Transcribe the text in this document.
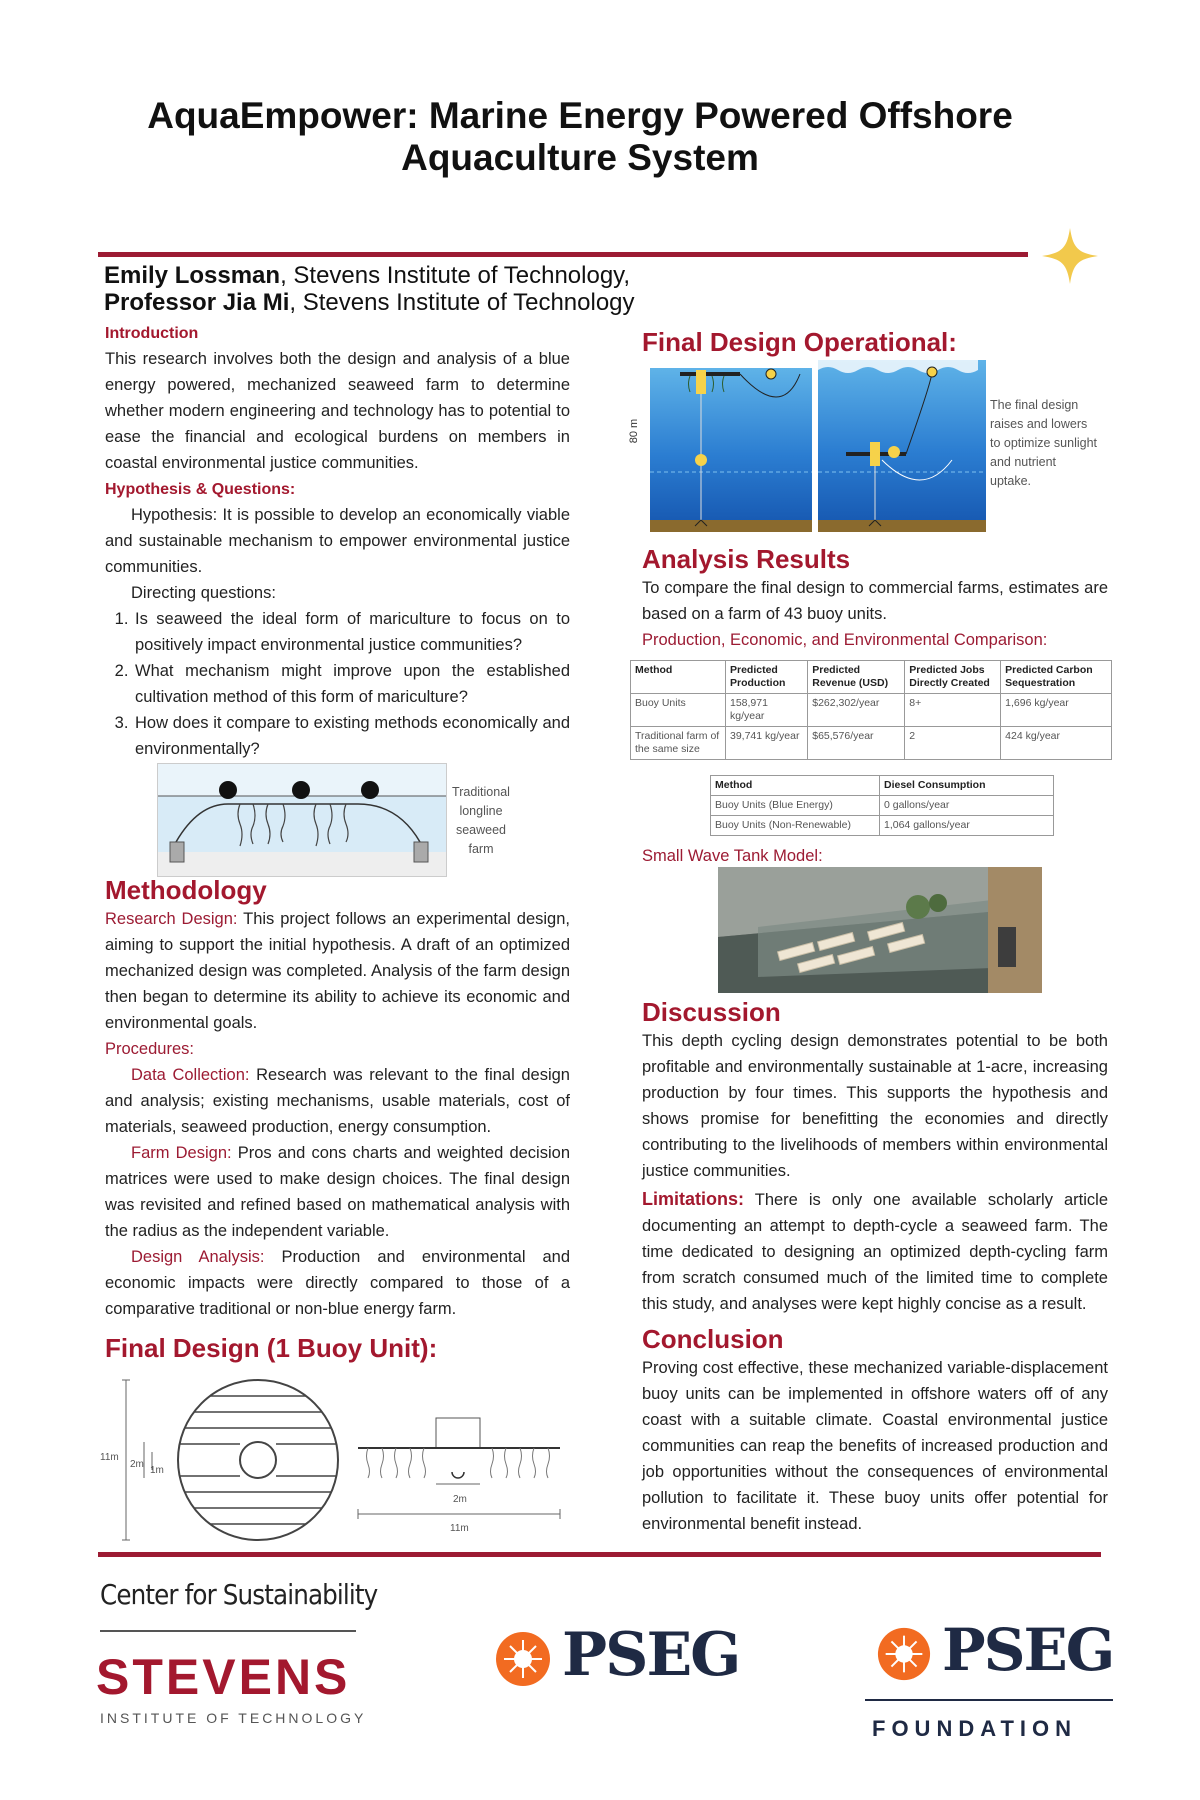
AquaEmpower: Marine Energy Powered Offshore Aquaculture System
Emily Lossman, Stevens Institute of Technology,
Professor Jia Mi, Stevens Institute of Technology
Introduction

This research involves both the design and analysis of a blue energy powered, mechanized seaweed farm to determine whether modern engineering and technology has to potential to ease the financial and ecological burdens on members in coastal environmental justice communities.

Hypothesis & Questions:

Hypothesis: It is possible to develop an economically viable and sustainable mechanism to empower environmental justice communities.

Directing questions:

1. Is seaweed the ideal form of mariculture to focus on to positively impact environmental justice communities?
2. What mechanism might improve upon the established cultivation method of this form of mariculture?
3. How does it compare to existing methods economically and environmentally?
Traditional longline seaweed farm
Methodology

Research Design: This project follows an experimental design, aiming to support the initial hypothesis. A draft of an optimized mechanized design was completed. Analysis of the farm design then began to determine its ability to achieve its economic and environmental goals.

Procedures:

Data Collection: Research was relevant to the final design and analysis; existing mechanisms, usable materials, cost of materials, seaweed production, energy consumption.

Farm Design: Pros and cons charts and weighted decision matrices were used to make design choices. The final design was revisited and refined based on mathematical analysis with the radius as the independent variable.

Design Analysis: Production and environmental and economic impacts were directly compared to those of a comparative traditional or non-blue energy farm.

Final Design (1 Buoy Unit):
11m
2m
1m
2m
11m
Final Design Operational:
80 m
The final design raises and lowers to optimize sunlight and nutrient uptake.
Analysis Results

To compare the final design to commercial farms, estimates are based on a farm of 43 buoy units.

Production, Economic, and Environmental Comparison:

Method	Predicted Production	Predicted Revenue (USD)	Predicted Jobs Directly Created	Predicted Carbon Sequestration
Buoy Units	158,971 kg/year	$262,302/year	8+	1,696 kg/year
Traditional farm of the same size	39,741 kg/year	$65,576/year	2	424 kg/year
Method	Diesel Consumption
Buoy Units (Blue Energy)	0 gallons/year
Buoy Units (Non-Renewable)	1,064 gallons/year
Small Wave Tank Model:
Discussion

This depth cycling design demonstrates potential to be both profitable and environmentally sustainable at 1-acre, increasing production by four times. This supports the hypothesis and shows promise for benefitting the economies and directly contributing to the livelihoods of members within environmental justice communities.

Limitations: There is only one available scholarly article documenting an attempt to depth-cycle a seaweed farm. The time dedicated to designing an optimized depth-cycling farm from scratch consumed much of the limited time to complete this study, and analyses were kept highly concise as a result.

Conclusion

Proving cost effective, these mechanized variable-displacement buoy units can be implemented in offshore waters off of any coast with a suitable climate. Coastal environmental justice communities can reap the benefits of increased production and job opportunities without the consequences of environmental pollution to facilitate it. These buoy units offer potential for environmental benefit instead.

Center for Sustainability
STEVENS
INSTITUTE OF TECHNOLOGY
PSEG	PSEG
FOUNDATION
